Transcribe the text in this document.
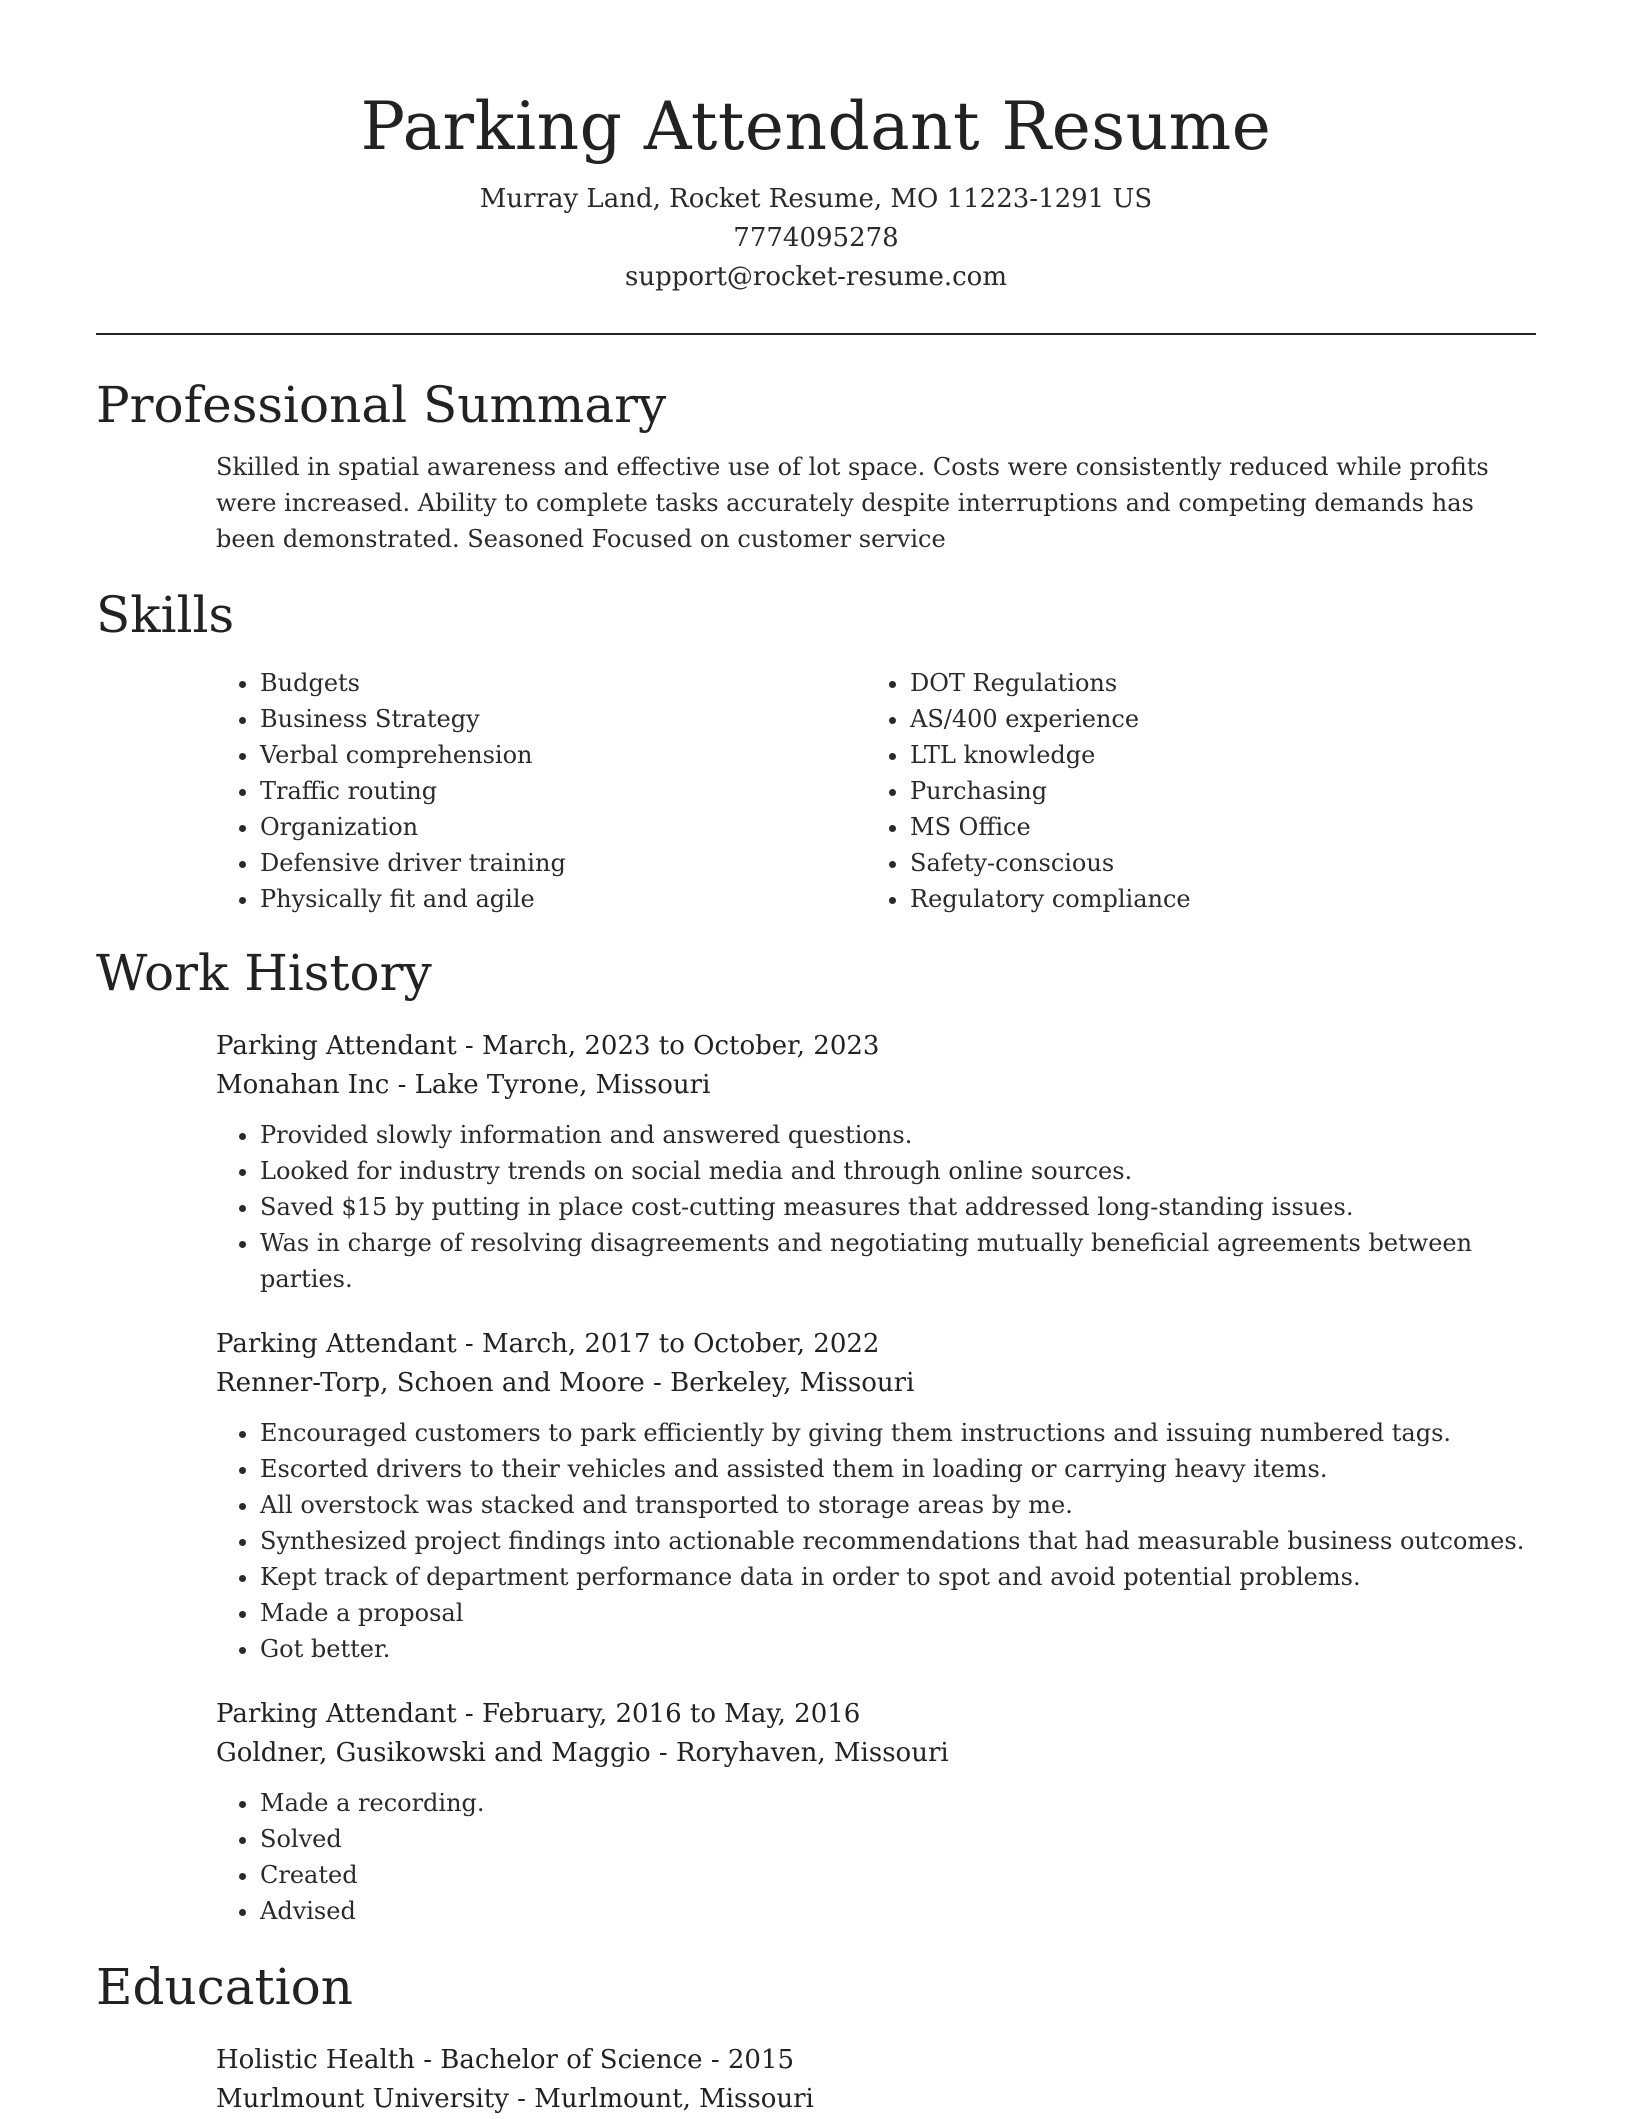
Parking Attendant Resume
Murray Land, Rocket Resume, MO 11223-1291 US
7774095278
support@rocket-resume.com
Professional Summary

Skilled in spatial awareness and effective use of lot space. Costs were consistently reduced while profits were increased. Ability to complete tasks accurately despite interruptions and competing demands has been demonstrated. Seasoned Focused on customer service

Skills
• Budgets
• Business Strategy
• Verbal comprehension
• Traffic routing
• Organization
• Defensive driver training
• Physically fit and agile
• DOT Regulations
• AS/400 experience
• LTL knowledge
• Purchasing
• MS Office
• Safety-conscious
• Regulatory compliance
Work History
Parking Attendant - March, 2023 to October, 2023
Monahan Inc - Lake Tyrone, Missouri
• Provided slowly information and answered questions.
• Looked for industry trends on social media and through online sources.
• Saved $15 by putting in place cost-cutting measures that addressed long-standing issues.
• Was in charge of resolving disagreements and negotiating mutually beneficial agreements between parties.
Parking Attendant - March, 2017 to October, 2022
Renner-Torp, Schoen and Moore - Berkeley, Missouri
• Encouraged customers to park efficiently by giving them instructions and issuing numbered tags.
• Escorted drivers to their vehicles and assisted them in loading or carrying heavy items.
• All overstock was stacked and transported to storage areas by me.
• Synthesized project findings into actionable recommendations that had measurable business outcomes.
• Kept track of department performance data in order to spot and avoid potential problems.
• Made a proposal
• Got better.
Parking Attendant - February, 2016 to May, 2016
Goldner, Gusikowski and Maggio - Roryhaven, Missouri
• Made a recording.
• Solved
• Created
• Advised
Education
Holistic Health - Bachelor of Science - 2015
Murlmount University - Murlmount, Missouri
